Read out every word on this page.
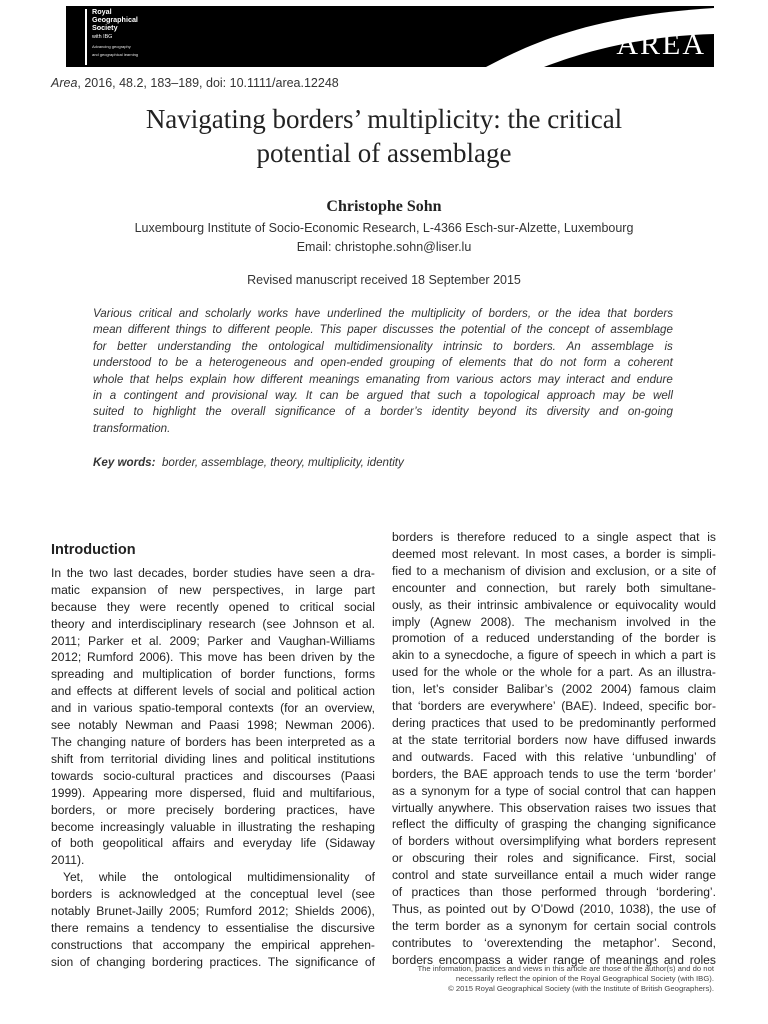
Royal
Geographical
Society
with IBG
Advancing geography
and geographical learning	AREA
Area, 2016, 48.2, 183–189, doi: 10.1111/area.12248
Navigating borders’ multiplicity: the critical
potential of assemblage
Christophe Sohn
Luxembourg Institute of Socio-Economic Research, L-4366 Esch-sur-Alzette, Luxembourg
Email: christophe.sohn@liser.lu
Revised manuscript received 18 September 2015
Various critical and scholarly works have underlined the multiplicity of borders, or the idea that borders
mean different things to different people. This paper discusses the potential of the concept of assemblage
for better understanding the ontological multidimensionality intrinsic to borders. An assemblage is
understood to be a heterogeneous and open-ended grouping of elements that do not form a coherent
whole that helps explain how different meanings emanating from various actors may interact and endure
in a contingent and provisional way. It can be argued that such a topological approach may be well
suited to highlight the overall significance of a border’s identity beyond its diversity and on-going
transformation.
Key words: border, assemblage, theory, multiplicity, identity
Introduction
In the two last decades, border studies have seen a dra-
matic expansion of new perspectives, in large part
because they were recently opened to critical social
theory and interdisciplinary research (see Johnson et al.
2011; Parker et al. 2009; Parker and Vaughan-Williams
2012; Rumford 2006). This move has been driven by the
spreading and multiplication of border functions, forms
and effects at different levels of social and political action
and in various spatio-temporal contexts (for an overview,
see notably Newman and Paasi 1998; Newman 2006).
The changing nature of borders has been interpreted as a
shift from territorial dividing lines and political institutions
towards socio-cultural practices and discourses (Paasi
1999). Appearing more dispersed, fluid and multifarious,
borders, or more precisely bordering practices, have
become increasingly valuable in illustrating the reshaping
of both geopolitical affairs and everyday life (Sidaway
2011).
Yet, while the ontological multidimensionality of
borders is acknowledged at the conceptual level (see
notably Brunet-Jailly 2005; Rumford 2012; Shields 2006),
there remains a tendency to essentialise the discursive
constructions that accompany the empirical apprehen-
sion of changing bordering practices. The significance of
borders is therefore reduced to a single aspect that is
deemed most relevant. In most cases, a border is simpli-
fied to a mechanism of division and exclusion, or a site of
encounter and connection, but rarely both simultane-
ously, as their intrinsic ambivalence or equivocality would
imply (Agnew 2008). The mechanism involved in the
promotion of a reduced understanding of the border is
akin to a synecdoche, a figure of speech in which a part is
used for the whole or the whole for a part. As an illustra-
tion, let’s consider Balibar’s (2002 2004) famous claim
that ‘borders are everywhere’ (BAE). Indeed, specific bor-
dering practices that used to be predominantly performed
at the state territorial borders now have diffused inwards
and outwards. Faced with this relative ‘unbundling’ of
borders, the BAE approach tends to use the term ‘border’
as a synonym for a type of social control that can happen
virtually anywhere. This observation raises two issues that
reflect the difficulty of grasping the changing significance
of borders without oversimplifying what borders represent
or obscuring their roles and significance. First, social
control and state surveillance entail a much wider range
of practices than those performed through ‘bordering’.
Thus, as pointed out by O’Dowd (2010, 1038), the use of
the term border as a synonym for certain social controls
contributes to ‘overextending the metaphor’. Second,
borders encompass a wider range of meanings and roles
The information, practices and views in this article are those of the author(s) and do not
necessarily reflect the opinion of the Royal Geographical Society (with IBG).
© 2015 Royal Geographical Society (with the Institute of British Geographers).
